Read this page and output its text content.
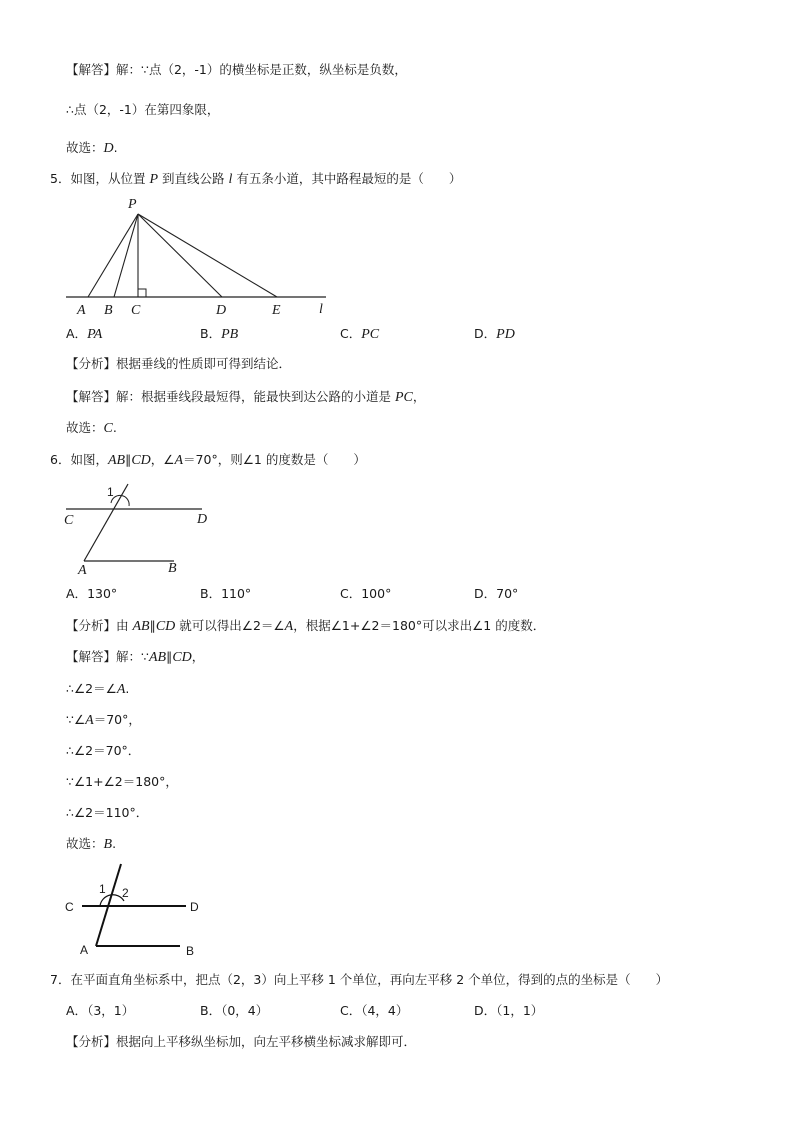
【解答】解：∵点（2，-1）的横坐标是正数，纵坐标是负数，
∴点（2，-1）在第四象限，
故选：D.
5．如图，从位置 P 到直线公路 l 有五条小道，其中路程最短的是（　　）
P
A B C	D	E	l
A．PA	B．PB	C．PC	D．PD
【分析】根据垂线的性质即可得到结论．
【解答】解：根据垂线段最短得，能最快到达公路的小道是 PC，
故选：C.
6．如图，AB∥CD，∠A＝70°，则∠1 的度数是（　　）
1
C	D
A	B
A．130°	B．110°	C．100°	D．70°
【分析】由 AB∥CD 就可以得出∠2＝∠A，根据∠1+∠2＝180°可以求出∠1 的度数．
【解答】解：∵AB∥CD，
∴∠2＝∠A.
∵∠A＝70°，
∴∠2＝70°．
∵∠1+∠2＝180°，
∴∠2＝110°．
故选：B.
1 2
C	D
A	B
7．在平面直角坐标系中，把点（2，3）向上平移 1 个单位，再向左平移 2 个单位，得到的点的坐标是（　　）
A．（3，1）	B．（0，4）	C．（4，4）	D．（1，1）
【分析】根据向上平移纵坐标加，向左平移横坐标减求解即可．
